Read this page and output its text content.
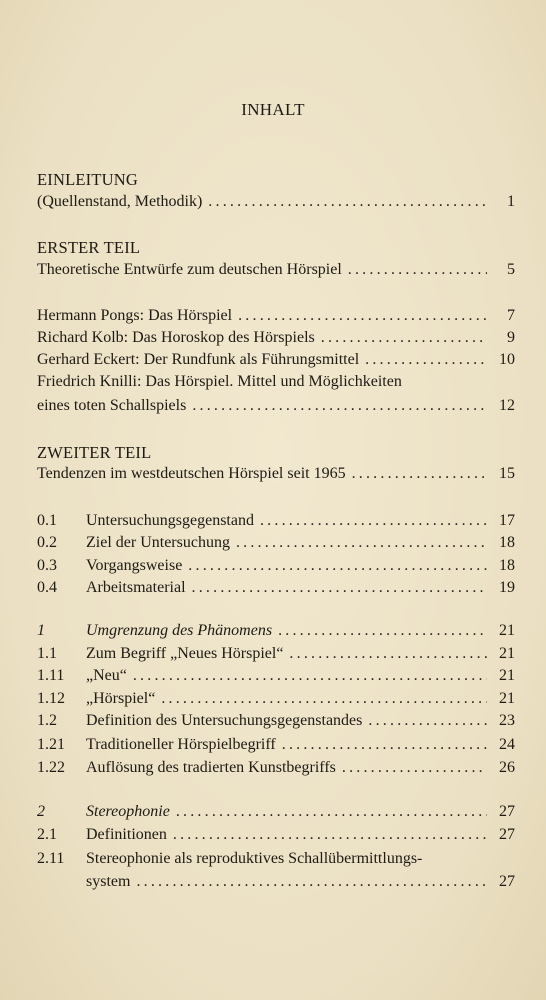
INHALT
EINLEITUNG
(Quellenstand, Methodik) . . .	1
ERSTER TEIL
Theoretische Entwürfe zum deutschen Hörspiel . . .	5
Hermann Pongs: Das Hörspiel . . .	7
Richard Kolb: Das Horoskop des Hörspiels . . .	9
Gerhard Eckert: Der Rundfunk als Führungsmittel . . .	10
Friedrich Knilli: Das Hörspiel. Mittel und Möglichkeiten
eines toten Schallspiels . . .	12
ZWEITER TEIL
Tendenzen im westdeutschen Hörspiel seit 1965 . . .	15
0.1	Untersuchungsgegenstand . . .	17
0.2	Ziel der Untersuchung . . .	18
0.3	Vorgangsweise . . .	18
0.4	Arbeitsmaterial . . .	19
1	Umgrenzung des Phänomens . . .	21
1.1	Zum Begriff „Neues Hörspiel“ . . .	21
1.11	„Neu“ . . .	21
1.12	„Hörspiel“ . . .	21
1.2	Definition des Untersuchungsgegenstandes . . .	23
1.21	Traditioneller Hörspielbegriff . . .	24
1.22	Auflösung des tradierten Kunstbegriffs . . .	26
2	Stereophonie . . .	27
2.1	Definitionen . . .	27
2.11	Stereophonie als reproduktives Schallübermittlungs-
system . . .	27
